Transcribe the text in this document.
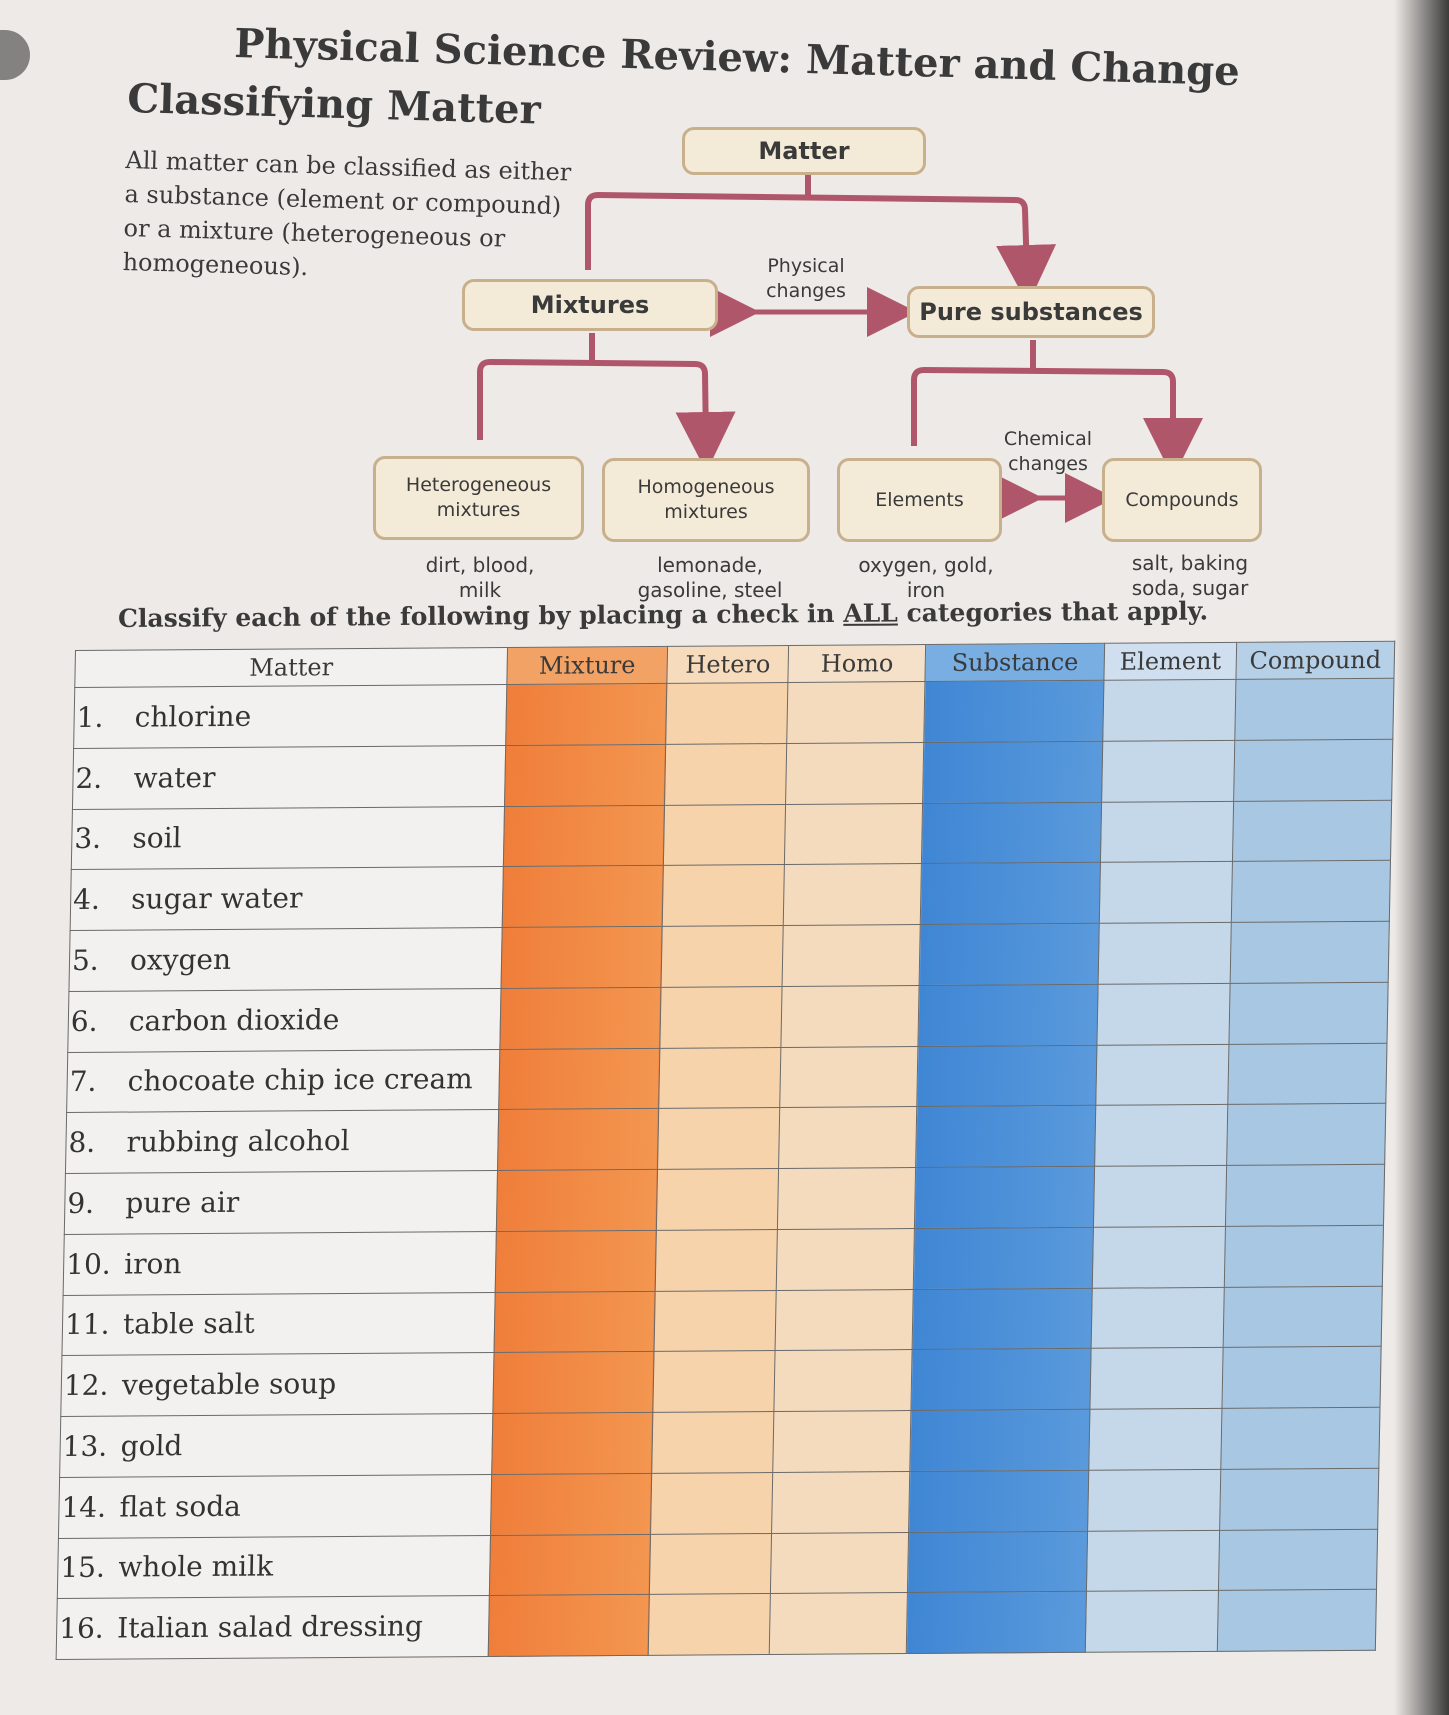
Physical Science Review: Matter and Change
Classifying Matter
All matter can be classified as either a substance (element or compound) or a mixture (heterogeneous or homogeneous).
Matter
Mixtures	Pure substances
Physical changes
Heterogeneous mixtures
Homogeneous mixtures
Elements	Compounds
Chemical changes
dirt, blood, milk
lemonade, gasoline, steel
oxygen, gold, iron
salt, baking soda, sugar
Classify each of the following by placing a check in ALL categories that apply.
Matter	Mixture	Hetero	Homo	Substance	Element	Compound
1. chlorine						
2. water						
3. soil						
4. sugar water						
5. oxygen						
6. carbon dioxide						
7. chocoate chip ice cream						
8. rubbing alcohol						
9. pure air						
10. iron						
11. table salt						
12. vegetable soup						
13. gold						
14. flat soda						
15. whole milk						
16. Italian salad dressing						
